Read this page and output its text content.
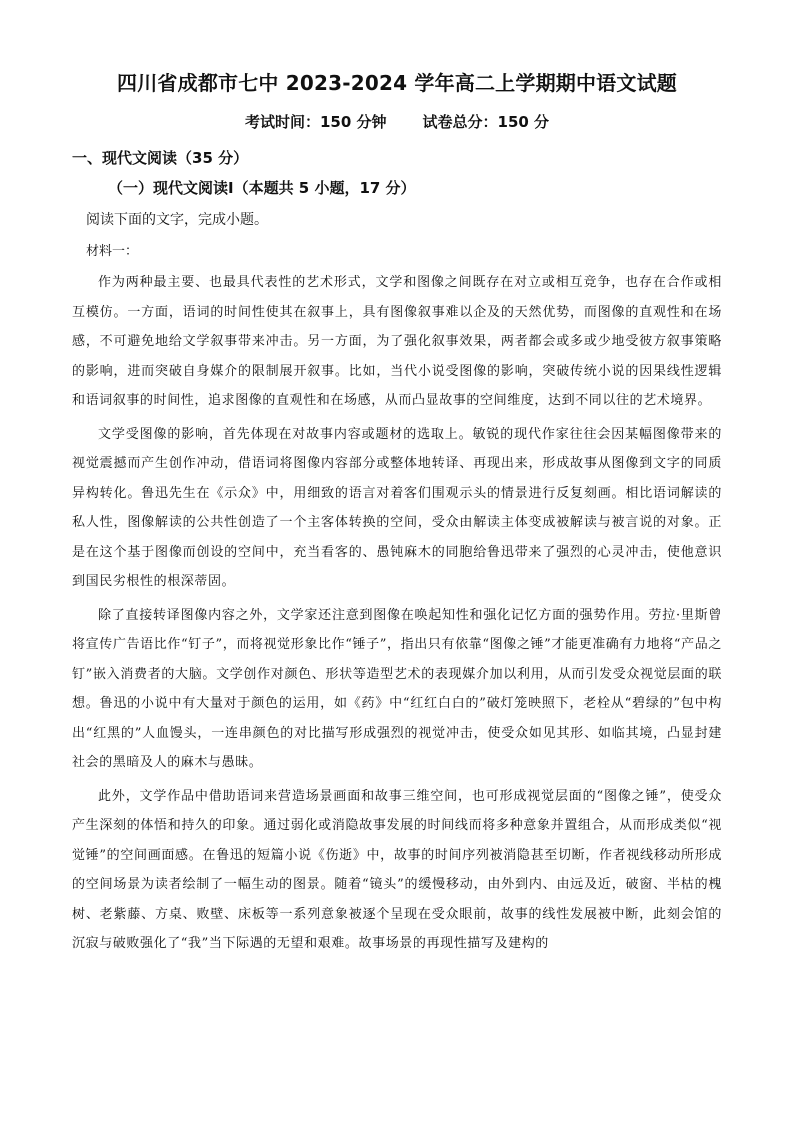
四川省成都市七中 2023-2024 学年高二上学期期中语文试题
考试时间：150 分钟 试卷总分：150 分
一、现代文阅读（35 分）
（一）现代文阅读Ⅰ（本题共 5 小题，17 分）
阅读下面的文字，完成小题。
材料一：

作为两种最主要、也最具代表性的艺术形式，文学和图像之间既存在对立或相互竞争，也存在合作或相互模仿。一方面，语词的时间性使其在叙事上，具有图像叙事难以企及的天然优势，而图像的直观性和在场感，不可避免地给文学叙事带来冲击。另一方面，为了强化叙事效果，两者都会或多或少地受彼方叙事策略的影响，进而突破自身媒介的限制展开叙事。比如，当代小说受图像的影响，突破传统小说的因果线性逻辑和语词叙事的时间性，追求图像的直观性和在场感，从而凸显故事的空间维度，达到不同以往的艺术境界。

文学受图像的影响，首先体现在对故事内容或题材的选取上。敏锐的现代作家往往会因某幅图像带来的视觉震撼而产生创作冲动，借语词将图像内容部分或整体地转译、再现出来，形成故事从图像到文字的同质异构转化。鲁迅先生在《示众》中，用细致的语言对着客们围观示头的情景进行反复刻画。相比语词解读的私人性，图像解读的公共性创造了一个主客体转换的空间，受众由解读主体变成被解读与被言说的对象。正是在这个基于图像而创设的空间中，充当看客的、愚钝麻木的同胞给鲁迅带来了强烈的心灵冲击，使他意识到国民劣根性的根深蒂固。

除了直接转译图像内容之外，文学家还注意到图像在唤起知性和强化记忆方面的强势作用。劳拉·里斯曾将宣传广告语比作“钉子”，而将视觉形象比作“锤子”，指出只有依靠“图像之锤”才能更准确有力地将“产品之钉”嵌入消费者的大脑。文学创作对颜色、形状等造型艺术的表现媒介加以利用，从而引发受众视觉层面的联想。鲁迅的小说中有大量对于颜色的运用，如《药》中“红红白白的”破灯笼映照下，老栓从“碧绿的”包中构出“红黑的”人血馒头，一连串颜色的对比描写形成强烈的视觉冲击，使受众如见其形、如临其境，凸显封建社会的黑暗及人的麻木与愚昧。

此外，文学作品中借助语词来营造场景画面和故事三维空间，也可形成视觉层面的“图像之锤”，使受众产生深刻的体悟和持久的印象。通过弱化或消隐故事发展的时间线而将多种意象并置组合，从而形成类似“视觉锤”的空间画面感。在鲁迅的短篇小说《伤逝》中，故事的时间序列被消隐甚至切断，作者视线移动所形成的空间场景为读者绘制了一幅生动的图景。随着“镜头”的缓慢移动，由外到内、由远及近，破窗、半枯的槐树、老紫藤、方桌、败壁、床板等一系列意象被逐个呈现在受众眼前，故事的线性发展被中断，此刻会馆的沉寂与破败强化了“我”当下际遇的无望和艰难。故事场景的再现性描写及建构的
